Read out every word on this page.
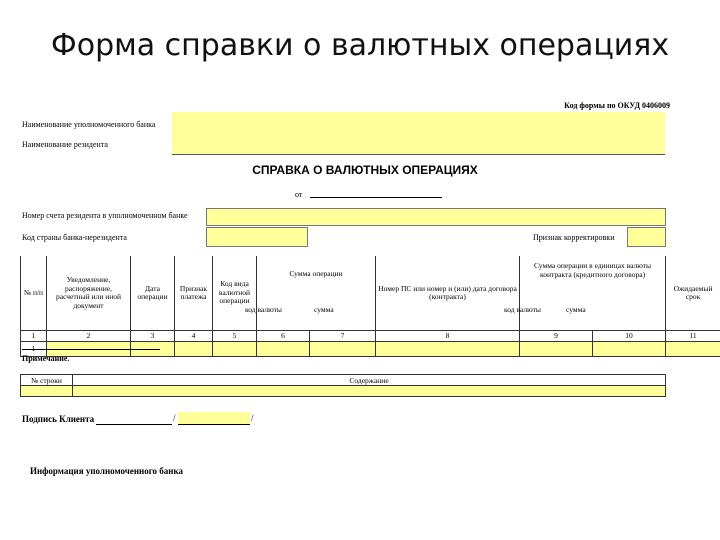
Форма справки о валютных операциях
Код формы по ОКУД 0406009
Наименование уполномоченного банка
Наименование резидента
СПРАВКА О ВАЛЮТНЫХ ОПЕРАЦИЯХ
от
Номер счета резидента в уполномоченном банке
Код страны банка-нерезидента	Признак корректировки
№ п/п	Уведомление, распоряжение, расчетный или иной документ	Дата операции	Признак платежа	Код вида валютной операции	Сумма операции		Номер ПС или номер и (или) дата договора (контракта)	Сумма операции в единицах валюты контракта (кредитного договора)		Ожидаемый срок
1	2	3	4	5	6	7	8	9	10	11
1										
код валюты	сумма	код валюты	сумма
Примечание.
№ строки	Содержание

Подпись Клиента	/	/
Информация уполномоченного банка
